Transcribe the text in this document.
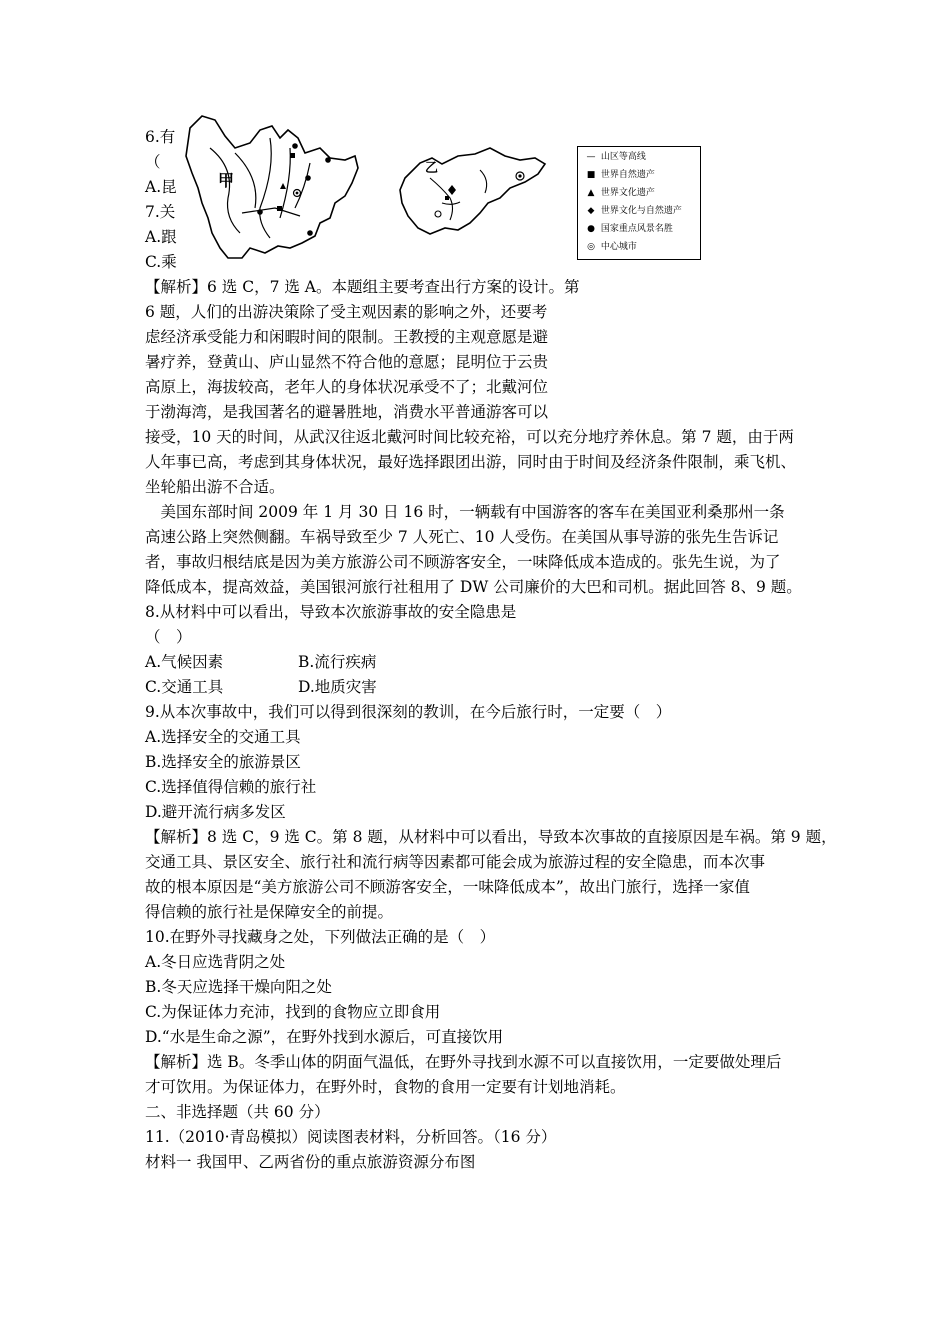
6.有
（
A.昆
7.关
A.跟
C.乘
【解析】6 选 C，7 选 A。本题组主要考查出行方案的设计。第
甲
乙
— 山区等高线
■ 世界自然遗产
▲ 世界文化遗产
◆ 世界文化与自然遗产
● 国家重点风景名胜
◎ 中心城市
6 题，人们的出游决策除了受主观因素的影响之外，还要考
虑经济承受能力和闲暇时间的限制。王教授的主观意愿是避
暑疗养，登黄山、庐山显然不符合他的意愿；昆明位于云贵
高原上，海拔较高，老年人的身体状况承受不了；北戴河位
于渤海湾，是我国著名的避暑胜地，消费水平普通游客可以
接受，10 天的时间，从武汉往返北戴河时间比较充裕，可以充分地疗养休息。第 7 题，由于两
人年事已高，考虑到其身体状况，最好选择跟团出游，同时由于时间及经济条件限制，乘飞机、
坐轮船出游不合适。
　美国东部时间 2009 年 1 月 30 日 16 时，一辆载有中国游客的客车在美国亚利桑那州一条
高速公路上突然侧翻。车祸导致至少 7 人死亡、10 人受伤。在美国从事导游的张先生告诉记
者，事故归根结底是因为美方旅游公司不顾游客安全，一味降低成本造成的。张先生说，为了
降低成本，提高效益，美国银河旅行社租用了 DW 公司廉价的大巴和司机。据此回答 8、9 题。
8.从材料中可以看出，导致本次旅游事故的安全隐患是
（　）
A.气候因素	B.流行疾病
C.交通工具	D.地质灾害
9.从本次事故中，我们可以得到很深刻的教训，在今后旅行时，一定要（　）
A.选择安全的交通工具
B.选择安全的旅游景区
C.选择值得信赖的旅行社
D.避开流行病多发区
【解析】8 选 C，9 选 C。第 8 题，从材料中可以看出，导致本次事故的直接原因是车祸。第 9 题，
交通工具、景区安全、旅行社和流行病等因素都可能会成为旅游过程的安全隐患，而本次事
故的根本原因是“美方旅游公司不顾游客安全，一味降低成本”，故出门旅行，选择一家值
得信赖的旅行社是保障安全的前提。
10.在野外寻找藏身之处，下列做法正确的是（　）
A.冬日应选背阴之处
B.冬天应选择干燥向阳之处
C.为保证体力充沛，找到的食物应立即食用
D.“水是生命之源”，在野外找到水源后，可直接饮用
【解析】选 B。冬季山体的阴面气温低，在野外寻找到水源不可以直接饮用，一定要做处理后
才可饮用。为保证体力，在野外时，食物的食用一定要有计划地消耗。
二、非选择题（共 60 分）
11.（2010·青岛模拟）阅读图表材料，分析回答。（16 分）
材料一 我国甲、乙两省份的重点旅游资源分布图
